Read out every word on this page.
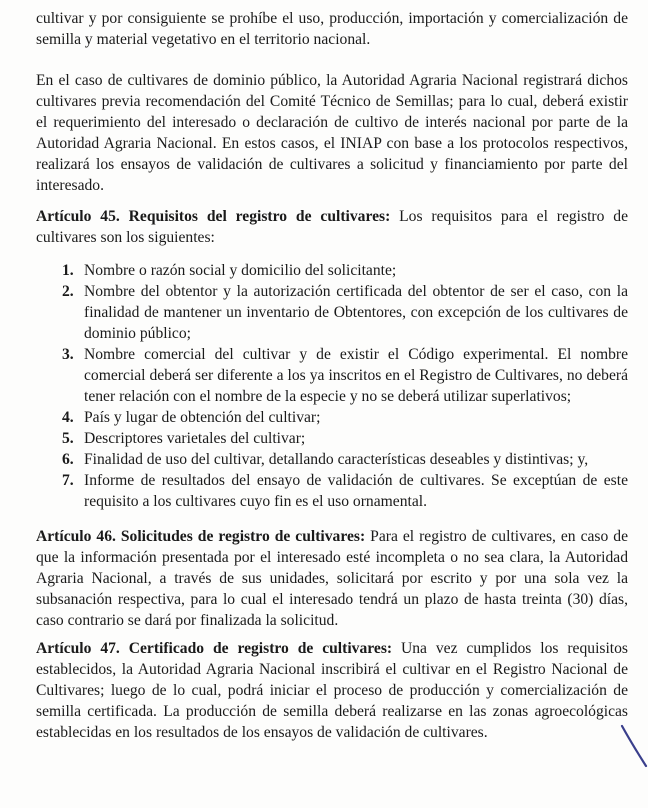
cultivar y por consiguiente se prohíbe el uso, producción, importación y comercialización de semilla y material vegetativo en el territorio nacional.

En el caso de cultivares de dominio público, la Autoridad Agraria Nacional registrará dichos cultivares previa recomendación del Comité Técnico de Semillas; para lo cual, deberá existir el requerimiento del interesado o declaración de cultivo de interés nacional por parte de la Autoridad Agraria Nacional. En estos casos, el INIAP con base a los protocolos respectivos, realizará los ensayos de validación de cultivares a solicitud y financiamiento por parte del interesado.

Artículo 45. Requisitos del registro de cultivares: Los requisitos para el registro de cultivares son los siguientes:

1. Nombre o razón social y domicilio del solicitante;
2. Nombre del obtentor y la autorización certificada del obtentor de ser el caso, con la finalidad de mantener un inventario de Obtentores, con excepción de los cultivares de dominio público;
3. Nombre comercial del cultivar y de existir el Código experimental. El nombre comercial deberá ser diferente a los ya inscritos en el Registro de Cultivares, no deberá tener relación con el nombre de la especie y no se deberá utilizar superlativos;
4. País y lugar de obtención del cultivar;
5. Descriptores varietales del cultivar;
6. Finalidad de uso del cultivar, detallando características deseables y distintivas; y,
7. Informe de resultados del ensayo de validación de cultivares. Se exceptúan de este requisito a los cultivares cuyo fin es el uso ornamental.

Artículo 46. Solicitudes de registro de cultivares: Para el registro de cultivares, en caso de que la información presentada por el interesado esté incompleta o no sea clara, la Autoridad Agraria Nacional, a través de sus unidades, solicitará por escrito y por una sola vez la subsanación respectiva, para lo cual el interesado tendrá un plazo de hasta treinta (30) días, caso contrario se dará por finalizada la solicitud.

Artículo 47. Certificado de registro de cultivares: Una vez cumplidos los requisitos establecidos, la Autoridad Agraria Nacional inscribirá el cultivar en el Registro Nacional de Cultivares; luego de lo cual, podrá iniciar el proceso de producción y comercialización de semilla certificada. La producción de semilla deberá realizarse en las zonas agroecológicas establecidas en los resultados de los ensayos de validación de cultivares.
